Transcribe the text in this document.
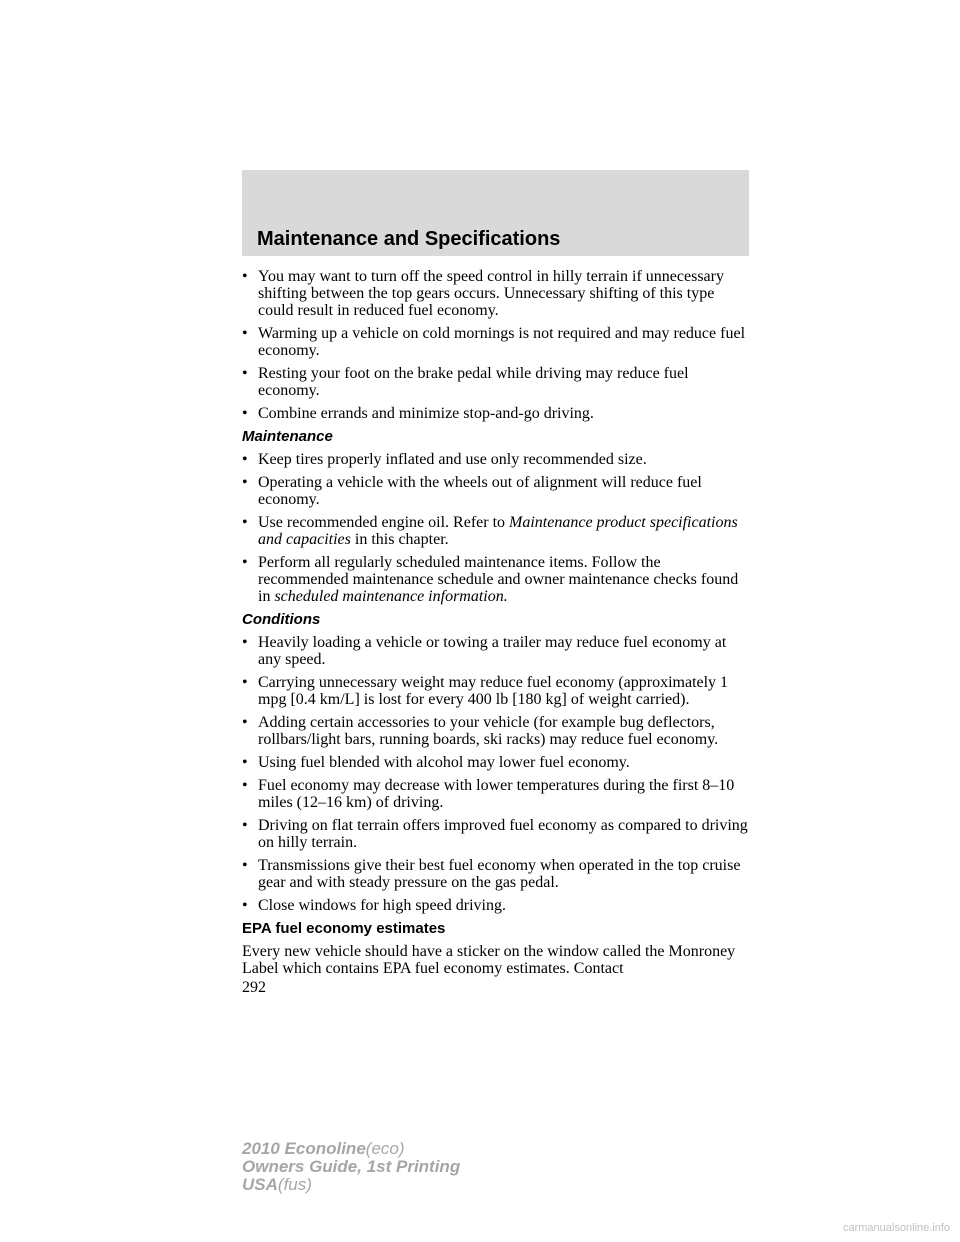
Maintenance and Specifications
• You may want to turn off the speed control in hilly terrain if unnecessary shifting between the top gears occurs. Unnecessary shifting of this type could result in reduced fuel economy.
• Warming up a vehicle on cold mornings is not required and may reduce fuel economy.
• Resting your foot on the brake pedal while driving may reduce fuel economy.
• Combine errands and minimize stop-and-go driving.
Maintenance
• Keep tires properly inflated and use only recommended size.
• Operating a vehicle with the wheels out of alignment will reduce fuel economy.
• Use recommended engine oil. Refer to Maintenance product specifications and capacities in this chapter.
• Perform all regularly scheduled maintenance items. Follow the recommended maintenance schedule and owner maintenance checks found in scheduled maintenance information.
Conditions
• Heavily loading a vehicle or towing a trailer may reduce fuel economy at any speed.
• Carrying unnecessary weight may reduce fuel economy (approximately 1 mpg [0.4 km/L] is lost for every 400 lb [180 kg] of weight carried).
• Adding certain accessories to your vehicle (for example bug deflectors, rollbars/light bars, running boards, ski racks) may reduce fuel economy.
• Using fuel blended with alcohol may lower fuel economy.
• Fuel economy may decrease with lower temperatures during the first 8–10 miles (12–16 km) of driving.
• Driving on flat terrain offers improved fuel economy as compared to driving on hilly terrain.
• Transmissions give their best fuel economy when operated in the top cruise gear and with steady pressure on the gas pedal.
• Close windows for high speed driving.
EPA fuel economy estimates

Every new vehicle should have a sticker on the window called the Monroney Label which contains EPA fuel economy estimates. Contact

292
2010 Econoline(eco)
Owners Guide, 1st Printing
USA(fus)
carmanualsonline.info
